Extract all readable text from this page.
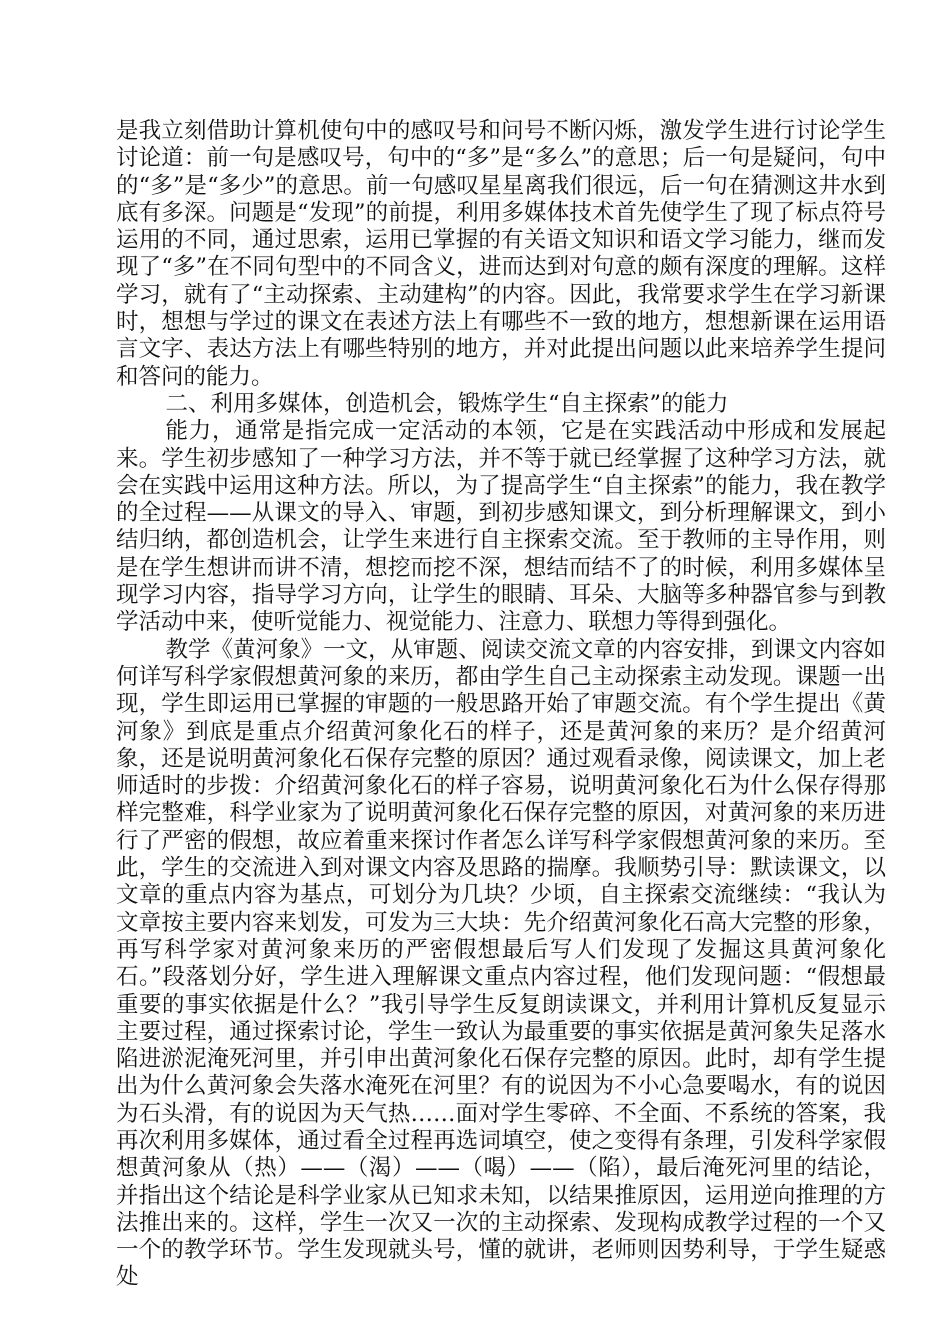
是我立刻借助计算机使句中的感叹号和问号不断闪烁，激发学生进行讨论学生讨论道：前一句是感叹号，句中的“多”是“多么”的意思；后一句是疑问，句中的“多”是“多少”的意思。前一句感叹星星离我们很远，后一句在猜测这井水到底有多深。问题是“发现”的前提，利用多媒体技术首先使学生了现了标点符号运用的不同，通过思索，运用已掌握的有关语文知识和语文学习能力，继而发现了“多”在不同句型中的不同含义，进而达到对句意的颇有深度的理解。这样学习，就有了“主动探索、主动建构”的内容。因此，我常要求学生在学习新课时，想想与学过的课文在表述方法上有哪些不一致的地方，想想新课在运用语言文字、表达方法上有哪些特别的地方，并对此提出问题以此来培养学生提问和答问的能力。

二、利用多媒体，创造机会，锻炼学生“自主探索”的能力

能力，通常是指完成一定活动的本领，它是在实践活动中形成和发展起来。学生初步感知了一种学习方法，并不等于就已经掌握了这种学习方法，就会在实践中运用这种方法。所以，为了提高学生“自主探索”的能力，我在教学的全过程——从课文的导入、审题，到初步感知课文，到分析理解课文，到小结归纳，都创造机会，让学生来进行自主探索交流。至于教师的主导作用，则是在学生想讲而讲不清，想挖而挖不深，想结而结不了的时候，利用多媒体呈现学习内容，指导学习方向，让学生的眼睛、耳朵、大脑等多种器官参与到教学活动中来，使听觉能力、视觉能力、注意力、联想力等得到强化。

教学《黄河象》一文，从审题、阅读交流文章的内容安排，到课文内容如何详写科学家假想黄河象的来历，都由学生自己主动探索主动发现。课题一出现，学生即运用已掌握的审题的一般思路开始了审题交流。有个学生提出《黄河象》到底是重点介绍黄河象化石的样子，还是黄河象的来历？是介绍黄河象，还是说明黄河象化石保存完整的原因？通过观看录像，阅读课文，加上老师适时的步拨：介绍黄河象化石的样子容易，说明黄河象化石为什么保存得那样完整难，科学业家为了说明黄河象化石保存完整的原因，对黄河象的来历进行了严密的假想，故应着重来探讨作者怎么详写科学家假想黄河象的来历。至此，学生的交流进入到对课文内容及思路的揣摩。我顺势引导：默读课文，以文章的重点内容为基点，可划分为几块？少顷，自主探索交流继续：“我认为文章按主要内容来划发，可发为三大块：先介绍黄河象化石高大完整的形象，再写科学家对黄河象来历的严密假想最后写人们发现了发掘这具黄河象化石。”段落划分好，学生进入理解课文重点内容过程，他们发现问题：“假想最重要的事实依据是什么？”我引导学生反复朗读课文，并利用计算机反复显示主要过程，通过探索讨论，学生一致认为最重要的事实依据是黄河象失足落水陷进淤泥淹死河里，并引申出黄河象化石保存完整的原因。此时，却有学生提出为什么黄河象会失落水淹死在河里？有的说因为不小心急要喝水，有的说因为石头滑，有的说因为天气热……面对学生零碎、不全面、不系统的答案，我再次利用多媒体，通过看全过程再选词填空，使之变得有条理，引发科学家假想黄河象从（热）——（渴）——（喝）——（陷），最后淹死河里的结论，并指出这个结论是科学业家从已知求未知，以结果推原因，运用逆向推理的方法推出来的。这样，学生一次又一次的主动探索、发现构成教学过程的一个又一个的教学环节。学生发现就头号，懂的就讲，老师则因势利导，于学生疑惑处
